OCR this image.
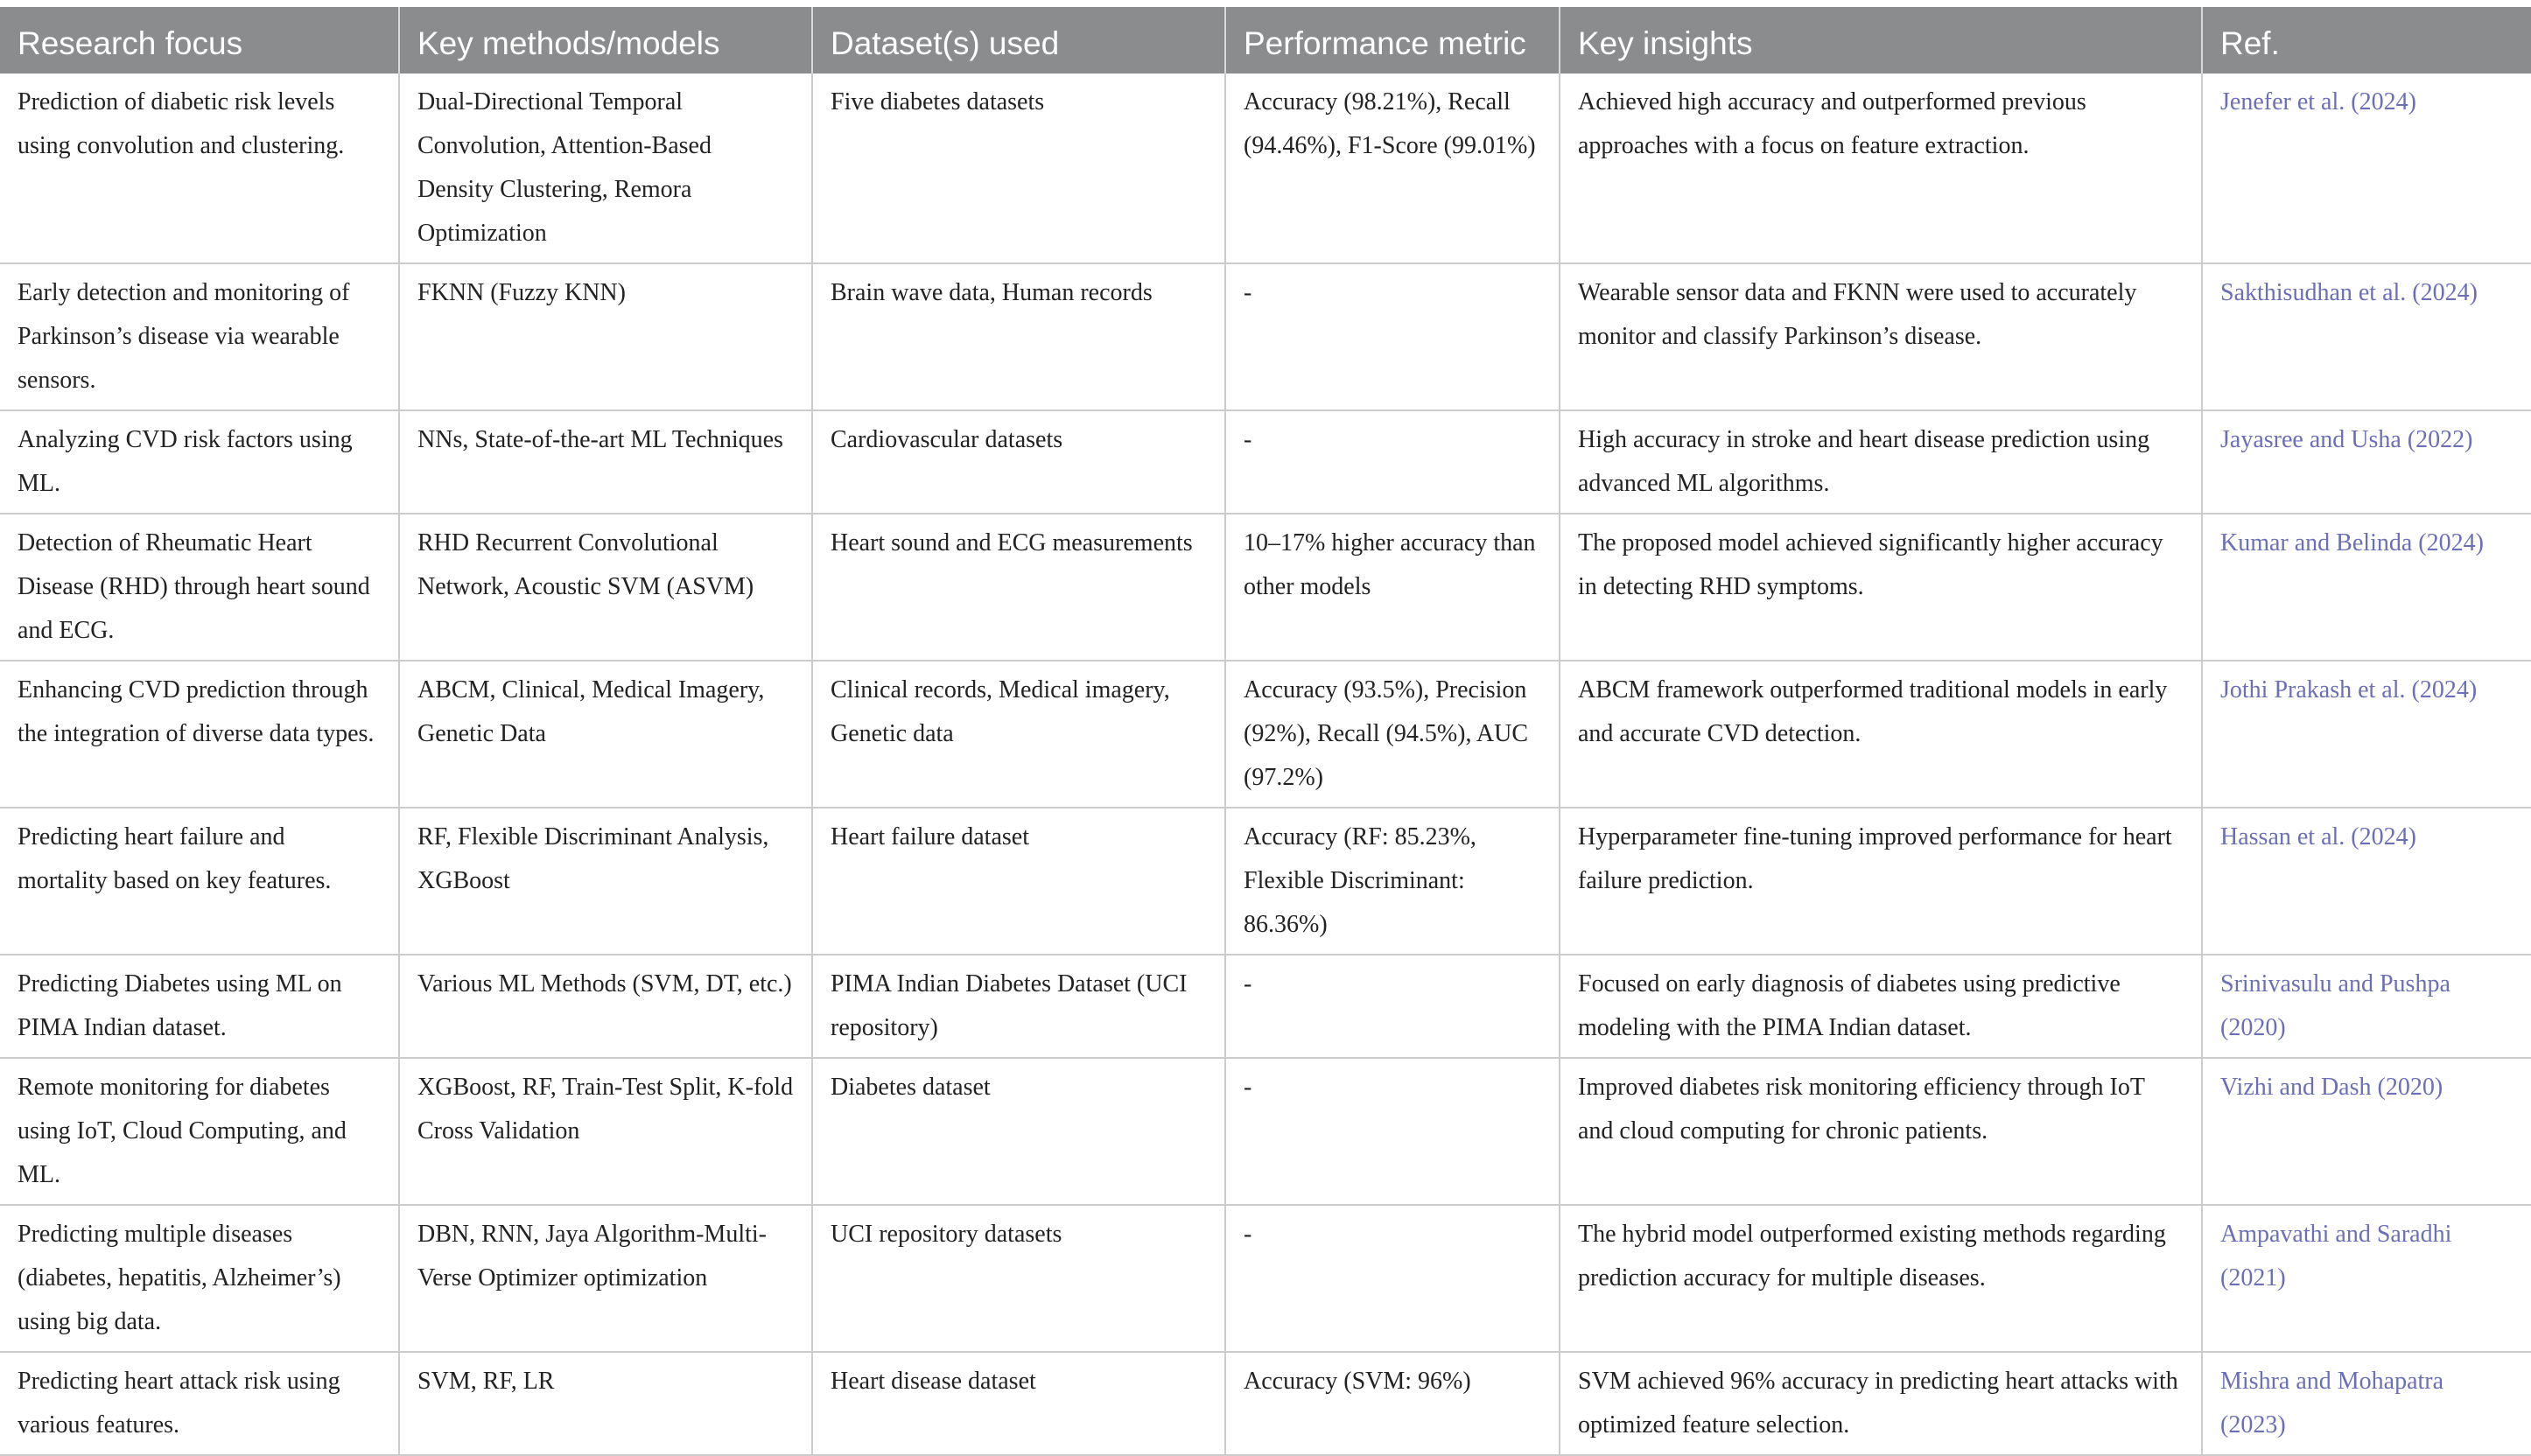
Research focus	Key methods/models	Dataset(s) used	Performance metric	Key insights	Ref.
Prediction of diabetic risk levels using convolution and clustering.	Dual-Directional Temporal Convolution, Attention-Based Density Clustering, Remora Optimization	Five diabetes datasets	Accuracy (98.21%), Recall (94.46%), F1-Score (99.01%)	Achieved high accuracy and outperformed previous approaches with a focus on feature extraction.	Jenefer et al. (2024)
Early detection and monitoring of Parkinson’s disease via wearable sensors.	FKNN (Fuzzy KNN)	Brain wave data, Human records	-	Wearable sensor data and FKNN were used to accurately monitor and classify Parkinson’s disease.	Sakthisudhan et al. (2024)
Analyzing CVD risk factors using ML.	NNs, State-of-the-art ML Techniques	Cardiovascular datasets	-	High accuracy in stroke and heart disease prediction using advanced ML algorithms.	Jayasree and Usha (2022)
Detection of Rheumatic Heart Disease (RHD) through heart sound and ECG.	RHD Recurrent Convolutional Network, Acoustic SVM (ASVM)	Heart sound and ECG measurements	10–17% higher accuracy than other models	The proposed model achieved significantly higher accuracy in detecting RHD symptoms.	Kumar and Belinda (2024)
Enhancing CVD prediction through the integration of diverse data types.	ABCM, Clinical, Medical Imagery, Genetic Data	Clinical records, Medical imagery, Genetic data	Accuracy (93.5%), Precision (92%), Recall (94.5%), AUC (97.2%)	ABCM framework outperformed traditional models in early and accurate CVD detection.	Jothi Prakash et al. (2024)
Predicting heart failure and mortality based on key features.	RF, Flexible Discriminant Analysis, XGBoost	Heart failure dataset	Accuracy (RF: 85.23%, Flexible Discriminant: 86.36%)	Hyperparameter fine-tuning improved performance for heart failure prediction.	Hassan et al. (2024)
Predicting Diabetes using ML on PIMA Indian dataset.	Various ML Methods (SVM, DT, etc.)	PIMA Indian Diabetes Dataset (UCI repository)	-	Focused on early diagnosis of diabetes using predictive modeling with the PIMA Indian dataset.	Srinivasulu and Pushpa (2020)
Remote monitoring for diabetes using IoT, Cloud Computing, and ML.	XGBoost, RF, Train-Test Split, K-fold Cross Validation	Diabetes dataset	-	Improved diabetes risk monitoring efficiency through IoT and cloud computing for chronic patients.	Vizhi and Dash (2020)
Predicting multiple diseases (diabetes, hepatitis, Alzheimer’s) using big data.	DBN, RNN, Jaya Algorithm-Multi-Verse Optimizer optimization	UCI repository datasets	-	The hybrid model outperformed existing methods regarding prediction accuracy for multiple diseases.	Ampavathi and Saradhi (2021)
Predicting heart attack risk using various features.	SVM, RF, LR	Heart disease dataset	Accuracy (SVM: 96%)	SVM achieved 96% accuracy in predicting heart attacks with optimized feature selection.	Mishra and Mohapatra (2023)
